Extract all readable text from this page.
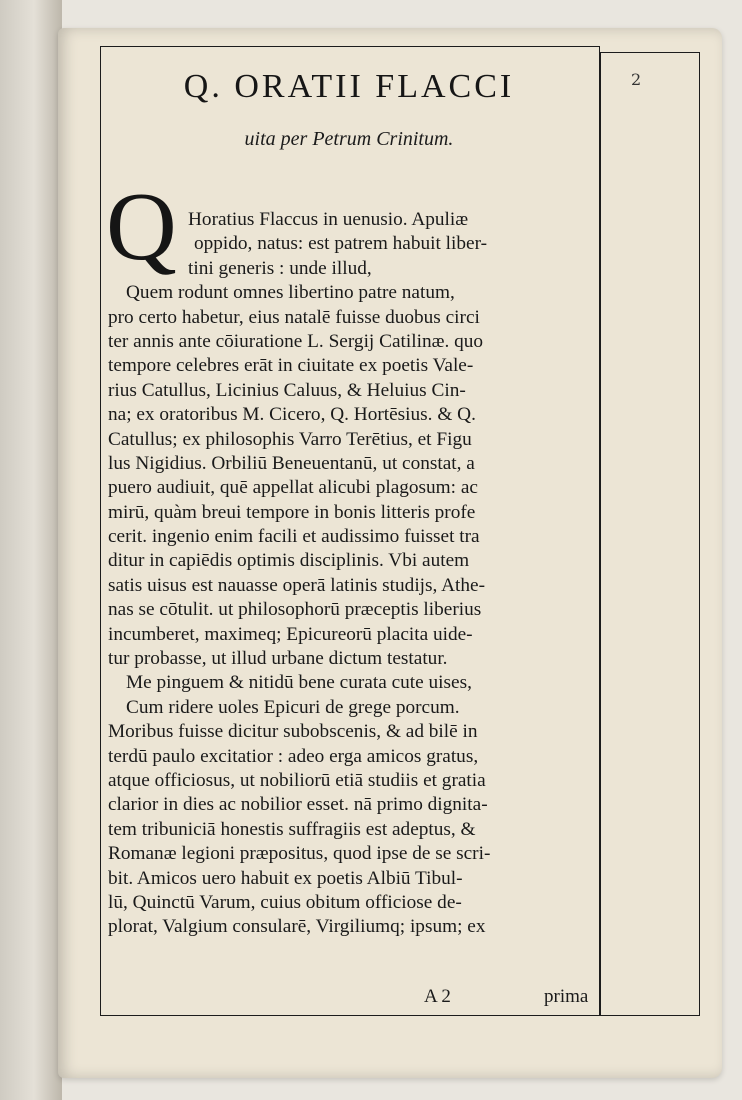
2
Q. ORATII FLACCI
uita per Petrum Crinitum.
Q Horatius Flaccus in uenusio. Apuliæ
oppido, natus: est patrem habuit liber-
tini generis : unde illud,
Quem rodunt omnes libertino patre natum,
pro certo habetur, eius natalē fuisse duobus circi
ter annis ante cōiuratione L. Sergij Catilinæ. quo
tempore celebres erāt in ciuitate ex poetis Vale-
rius Catullus, Licinius Caluus, & Heluius Cin-
na; ex oratoribus M. Cicero, Q. Hortēsius. & Q.
Catullus; ex philosophis Varro Terētius, et Figu
lus Nigidius. Orbiliū Beneuentanū, ut constat, a
puero audiuit, quē appellat alicubi plagosum: ac
mirū, quàm breui tempore in bonis litteris profe
cerit. ingenio enim facili et audissimo fuisset tra
ditur in capiēdis optimis disciplinis. Vbi autem
satis uisus est nauasse operā latinis studijs, Athe-
nas se cōtulit. ut philosophorū præceptis liberius
incumberet, maximeq; Epicureorū placita uide-
tur probasse, ut illud urbane dictum testatur.
Me pinguem & nitidū bene curata cute uises,
Cum ridere uoles Epicuri de grege porcum.
Moribus fuisse dicitur subobscenis, & ad bilē in
terdū paulo excitatior : adeo erga amicos gratus,
atque officiosus, ut nobiliorū etiā studiis et gratia
clarior in dies ac nobilior esset. nā primo dignita-
tem tribuniciā honestis suffragiis est adeptus, &
Romanæ legioni præpositus, quod ipse de se scri-
bit. Amicos uero habuit ex poetis Albiū Tibul-
lū, Quinctū Varum, cuius obitum officiose de-
plorat, Valgium consularē, Virgiliumq; ipsum; ex
A 2	prima
